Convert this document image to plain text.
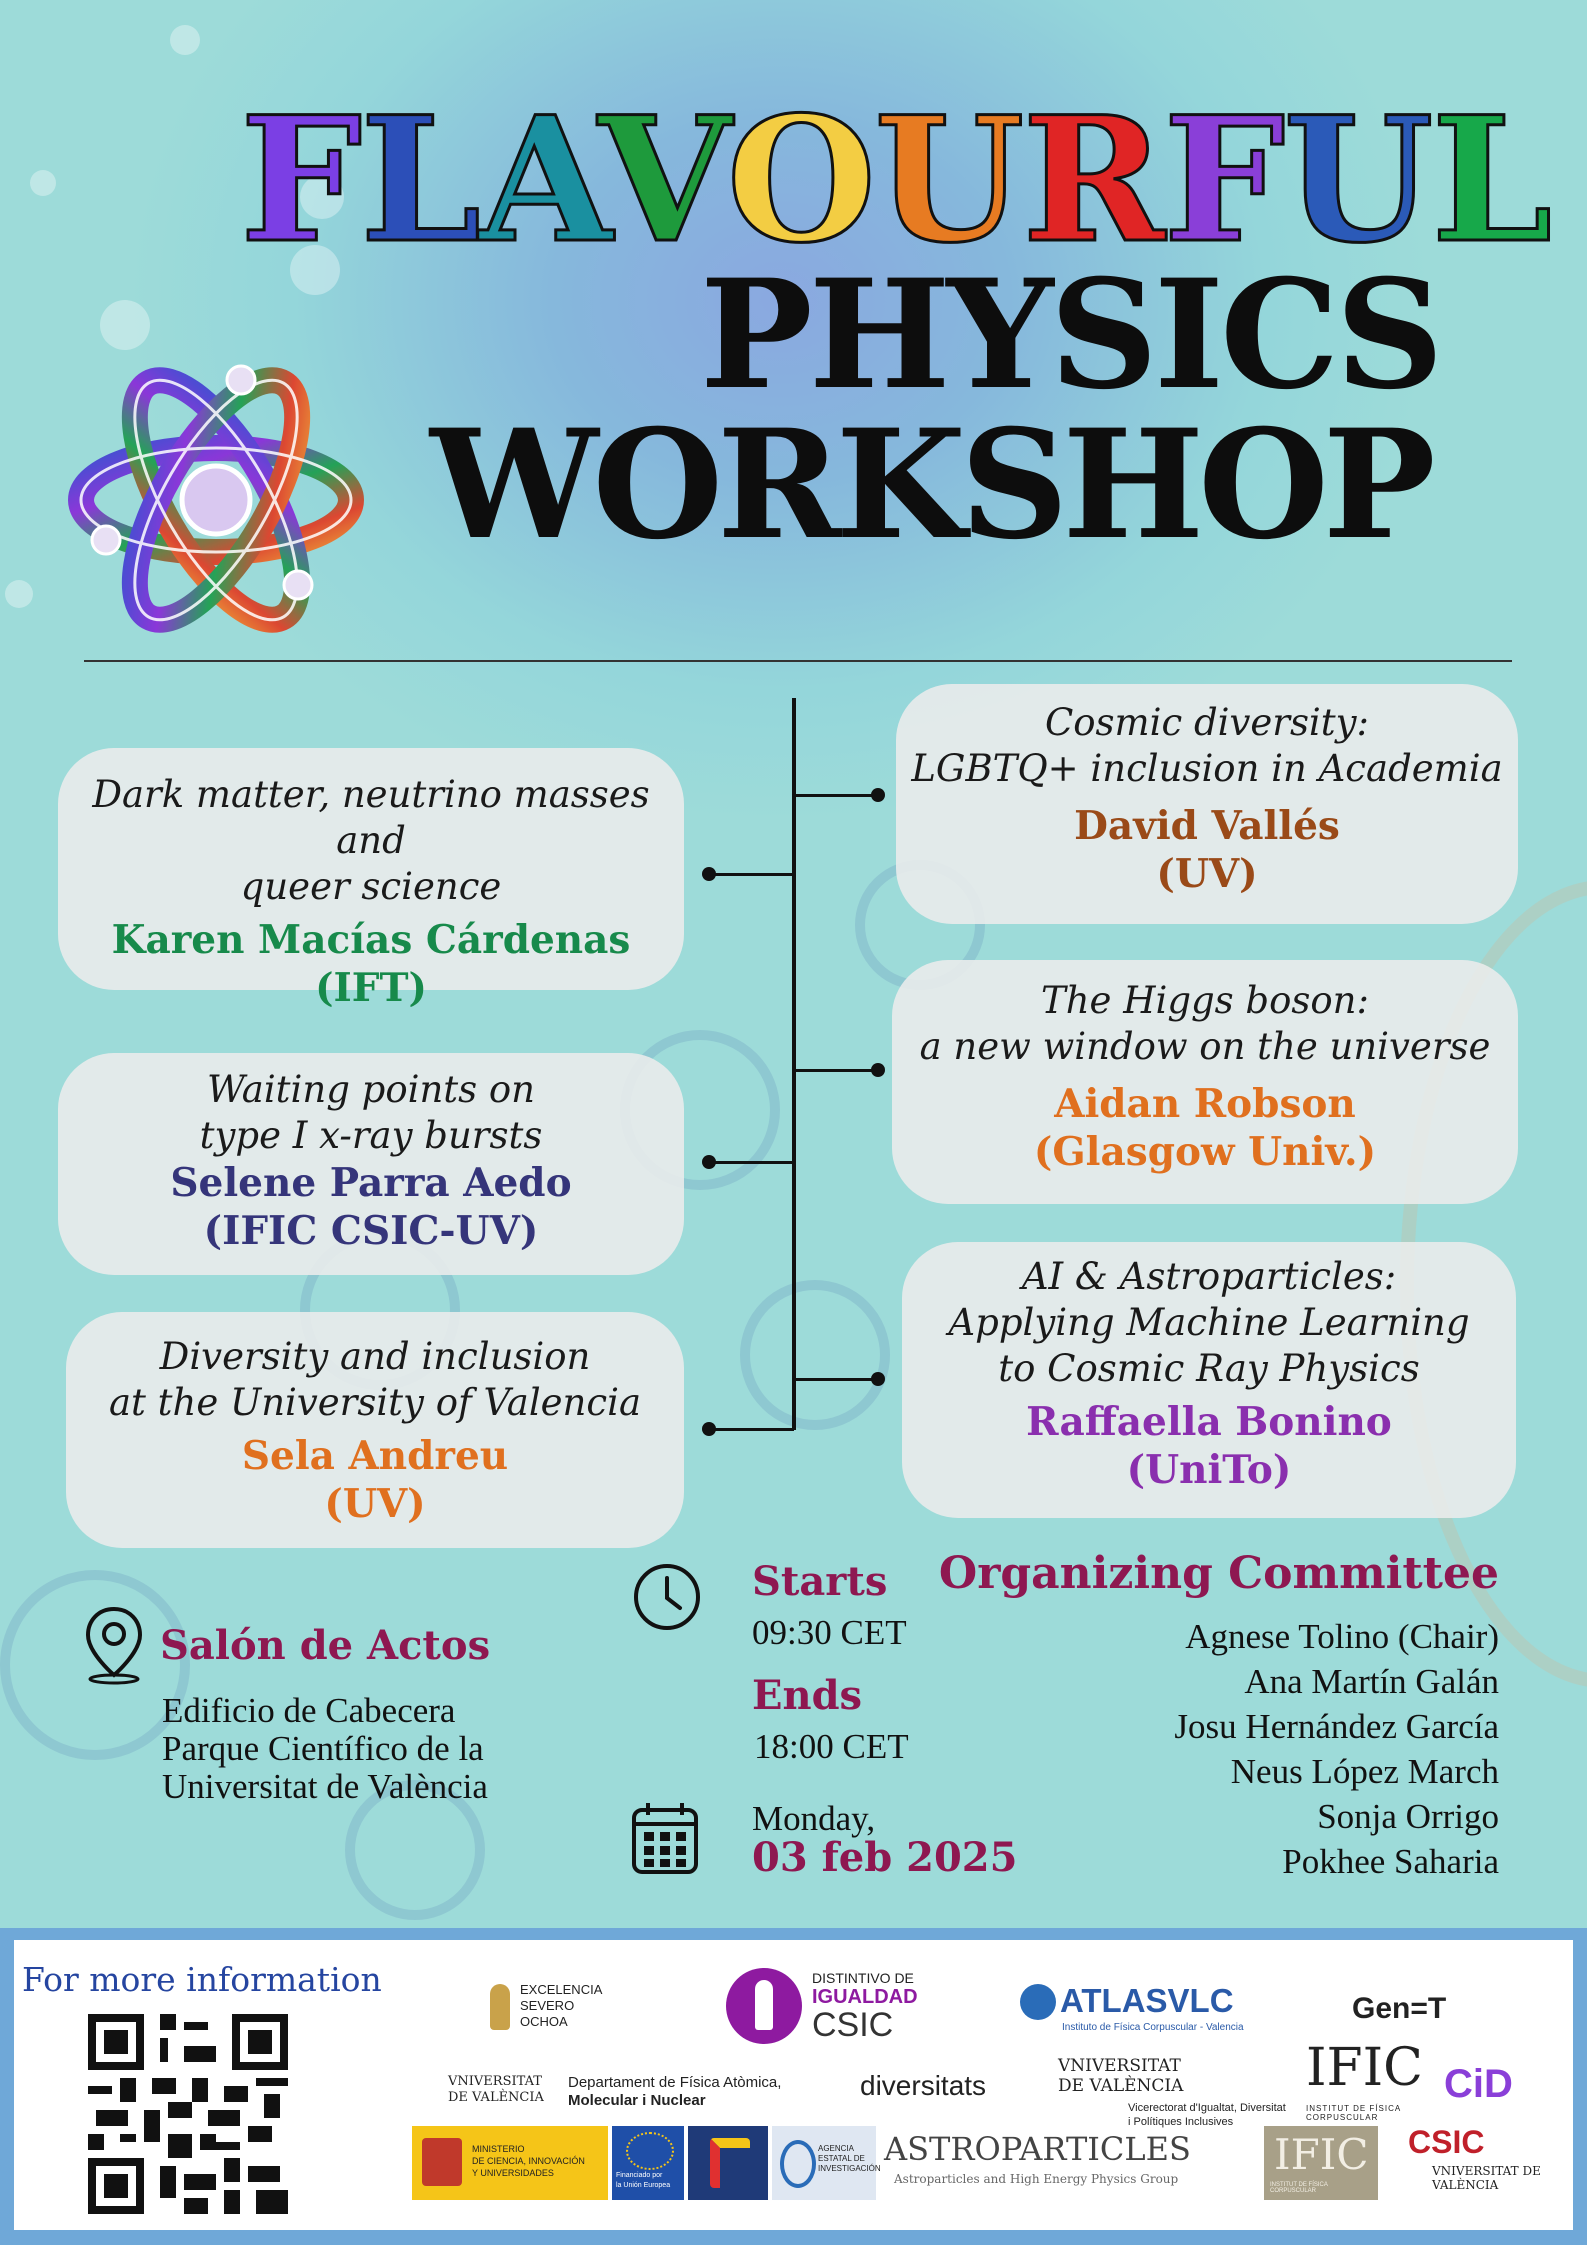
FLAVOURFUL
PHYSICS
WORKSHOP
Dark matter, neutrino masses and
queer science
Karen Macías Cárdenas
(IFT)
Waiting points on
type I x-ray bursts
Selene Parra Aedo
(IFIC CSIC-UV)
Diversity and inclusion
at the University of Valencia
Sela Andreu
(UV)
Cosmic diversity:
LGBTQ+ inclusion in Academia
David Vallés
(UV)
The Higgs boson:
a new window on the universe
Aidan Robson
(Glasgow Univ.)
AI & Astroparticles:
Applying Machine Learning
to Cosmic Ray Physics
Raffaella Bonino
(UniTo)
Salón de Actos
Edificio de Cabecera
Parque Científico de la
Universitat de València
Starts
09:30 CET
Ends
18:00 CET
Monday,
03 feb 2025
Organizing Committee
Agnese Tolino (Chair)
Ana Martín Galán
Josu Hernández García
Neus López March
Sonja Orrigo
Pokhee Saharia
For more information	EXCELENCIA
SEVERO
OCHOA
DISTINTIVO DE
IGUALDAD
CSIC
ATLASVLC
Instituto de Física Corpuscular - Valencia
Gen=T
VNIVERSITAT DE VALÈNCIA
Departament de Física Atòmica,
Molecular i Nuclear	diversitats
VNIVERSITAT DE VALÈNCIA
Vicerectorat d'Igualtat, Diversitat
i Polítiques Inclusives
IFIC
INSTITUT DE FÍSICA CORPUSCULAR
CiD
MINISTERIO
DE CIENCIA, INNOVACIÓN
Y UNIVERSIDADES	Financiado por
la Unión Europea
AGENCIA
ESTATAL DE
INVESTIGACIÓN
ASTROPARTICLES
Astroparticles and High Energy Physics Group IFIC
INSTITUT DE FÍSICA CORPUSCULAR
CSIC
VNIVERSITAT DE VALÈNCIA
